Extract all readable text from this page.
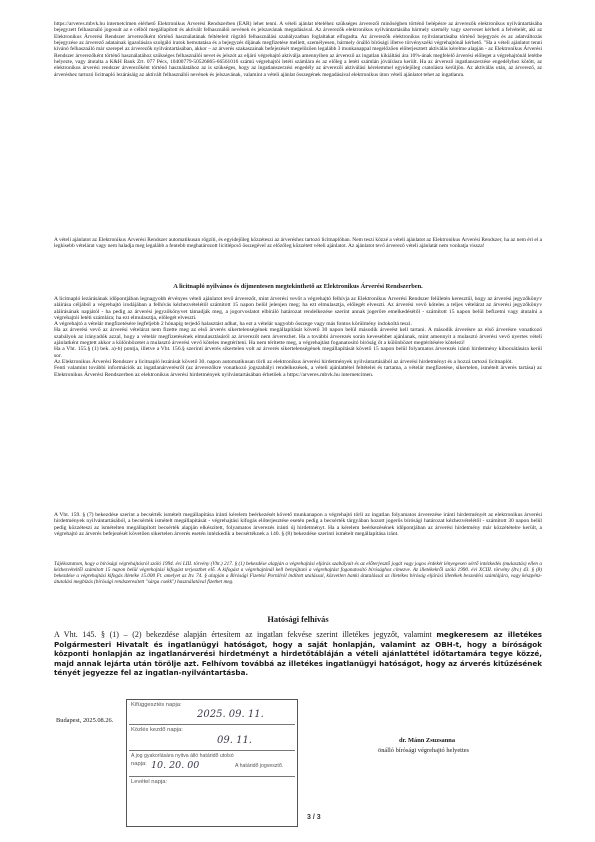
https://arveres.mbvk.hu internetcímen elérhető Elektronikus Árverési Rendszerben (EÁR) lehet tenni. A vételi ajánlat tételéhez szükséges árverezői minőségben történő belépésre az árverezők elektronikus nyilvántartásába bejegyzett felhasználó jogosult az e célból megállapított és aktivált felhasználói nevének és jelszavának megadásával. Az árverezők elektronikus nyilvántartásába bármely személy vagy szervezet kérheti a felvételét, aki az Elektronikus Árverési Rendszer árverezőként történő használatának feltételeit rögzítő felhasználási szabályzatban foglaltakat elfogadta. Az árverezők elektronikus nyilvántartásába történő bejegyzés és az adatváltozás bejegyzése az árverező adatainak igazolására szolgáló iratok bemutatása és a bejegyzés díjának megfizetése mellett, személyesen, bármely önálló bírósági illetve törvényszéki végrehajtónál kérhető. "Ha a vételi ajánlatot tenni kívánó felhasználó már szerepel az árverezők nyilvántartásában, akkor – az árverés szakaszainak befejezését megelőzően legalább 3 munkanappal megelőzően előterjesztett aktiválás kérelme alapján - az Elektronikus Árverési Rendszer árverezőként történő használatához szükséges felhasználói nevet és jelszót az eljáró végrehajtó aktiválja amennyiben az árverező az ingatlan kikiáltási ára 10%-ának megfelelő árverési előleget a végrehajtónál letétbe helyezte, vagy átutalta a K&H Bank Zrt. 077 Pécs, 10400779-50526865-66561016 számú végrehajtói letéti számlára és az előleg a letéti számlán jóváírásra került. Ha az árverező ingatlanszerzése engedélyhez kötött, az elektronikus árverési rendszer árverezőként történő használatához az is szükséges, hogy az ingatlanszerzési engedély az árverezői aktiválási kérelemmel egyidejűleg csatolásra kerüljön. Az aktiválás után, az árverező, az árveréshez tartozó licitnapló lezárásáig az aktivált felhasználói nevének és jelszavának, valamint a vételi ajánlat összegének megadásával elektronikus úton vételi ajánlatot tehet az ingatlanra.

A vételi ajánlatot az Elektronikus Árverési Rendszer automatikusan rögzíti, és egyidejűleg közzéteszi az árveréshez tartozó licitnaplóban. Nem teszi közzé a vételi ajánlatot az Elektronikus Árverési Rendszer, ha az nem éri el a legkisebb vételárat vagy nem haladja meg legalább a fentebb meghatározott licitlépcső összegével az előzőleg közzétett vételi ajánlatot. Az ajánlatot tevő árverező vételi ajánlatát nem vonhatja vissza!

A licitnapló nyilvános és díjmentesen megtekinthető az Elektronikus Árverési Rendszerben.

A licitnapló lezárásának időpontjában legnagyobb érvényes vételi ajánlatot tevő árverezőt, mint árverési vevőt a végrehajtó felhívja az Elektronikus Árverési Rendszer felületén keresztül, hogy az árverési jegyzőkönyv aláírása céljából a végrehajtó irodájában a felhívás kézhezvételétől számított 15 napon belül jelenjen meg; ha ezt elmulasztja, előlegét elveszti. Az árverési vevő köteles a teljes vételárat az árverési jegyzőkönyv aláírásának napjától - ha pedig az árverési jegyzőkönyvet támadják meg, a jogorvoslatot elbíráló határozat rendelkezése szerint annak jogerőre emelkedésétől - számított 15 napon belül befizetni vagy átutalni a végrehajtói letéti számlára; ha ezt elmulasztja, előlegét elveszti.

A végrehajtó a vételár megfizetésére legfeljebb 2 hónapig terjedő halasztást adhat, ha ezt a vételár nagyobb összege vagy más fontos körülmény indokoltá teszi.

Ha az árverési vevő az árverési vételárat nem fizette meg az első árverés sikertelenségének megállapítását követő 30 napon belül második árverést kell tartani. A második árverésre az első árverésre vonatkozó szabályok az irányadók azzal, hogy a vételár megfizetésének elmulasztásáról az árverezőt nem árverezhet. Ha a további árverezés során kevesebbet ajánlanak, mint amennyit a mulasztó árverési vevő nyertes vételi ajánlatként megtett akkor a különbözetet a mulasztó árverési vevő köteles megtéríteni. Ha nem térítette meg, a végrehajtást foganatosító bíróság őt a különbözet megtérítésére kötelezi!

Ha a Vht. 155.§ (1) bek. a)-b) pontja, illetve a Vht. 156.§ szerinti árverés sikertelen volt az árverés sikertelenségének megállapítását követő 15 napon belül folyamatos árverezés iránti hirdetmény kibocsátására kerül sor.

Az Elektronikus Árverési Rendszer a licitnapló lezárását követő 30. napon automatikusan törli az elektronikus árverési hirdetmények nyilvántartásából az árverési hirdetményt és a hozzá tartozó licitnaplót.

Fenti valamint további információk az ingatlanárverésről (az árverezőkre vonatkozó jogszabályi rendelkezések, a vételi ajánlattétel feltételei és tartama, a vételár megfizetése, sikertelen, ismételt árverés tartása) az Elektronikus Árverési Rendszerben az elektronikus árverési hirdetmények nyilvántartásában érhetőek a https://arveres.mbvk.hu internetcímen.

A Vht. 159. § (7) bekezdése szerint a becsérték ismételt megállapítása iránti kérelem beérkezését követő munkanapon a végrehajtó törli az ingatlan folyamatos árverezése iránti hirdetményét az elektronikus árverési hirdetmények nyilvántartásából, a becsérték ismételt megállapítását - végrehajtási kifogás előterjesztése esetén pedig a becsérték tárgyában hozott jogerős bírósági határozat kézhezvételétől - számított 30 napon belül pedig közzéteszi az ismételten megállapított becsérték alapján elkészített, folyamatos árverezés iránti új hirdetményt. Ha a kérelem beérkezésének időpontjában az árverési hirdetmény már közzétételre került, a végrehajtó az árverés befejezését követően sikertelen árverés esetén intézkedik a becsértéknek a 140. § (8) bekezdése szerinti ismételt megállapítása iránt.

Tájékoztatom, hogy a bírósági végrehajtásról szóló 1994. évi LIII. törvény (Vht.) 217. § (1) bekezdése alapján a végrehajtási eljárás szabályait és az előterjesztő jogát vagy jogos érdekét lényegesen sértő intézkedés (mulasztás) ellen a kézhezvételtől számított 15 napon belül végrehajtási kifogást terjeszthet elő. A kifogást a végrehajtónál kell benyújtani a végrehajtást foganatosító bírósághoz címezve. Az illetékekről szóló 1990. évi XCIII. törvény (Itv.) 43. § (8) bekezdése a végrehajtási kifogás illetéke 15.000 Ft. amelyet az Itv. 74. § alapján a Bírósági Fizetési Portálról indított utalással, közvetlen banki átutalással az illetékes bíróság eljárási illetékek beszedési számlájára, vagy készpénz-átutalási megbízás (bírósági rendszeresített "sárga csekk") használatával fizethet meg.

Hatósági felhívás

A Vht. 145. § (1) – (2) bekezdése alapján értesítem az ingatlan fekvése szerint illetékes jegyzőt, valamint megkeresem az illetékes Polgármesteri Hivatalt és ingatlanügyi hatóságot, hogy a saját honlapján, valamint az OBH-t, hogy a bíróságok központi honlapján az ingatlanárverési hirdetményt a hirdetőtábláján a vételi ajánlattétel időtartamára tegye közzé, majd annak lejárta után törölje azt. Felhívom továbbá az illetékes ingatlanügyi hatóságot, hogy az árverés kitűzésének tényét jegyezze fel az ingatlan-nyilvántartásba.

Budapest, 2025.08.26.
dr. Mánn Zsuzsanna
önálló bírósági végrehajtó helyettes
Kifüggesztés napja:
2025. 09. 11.
Közlés kezdő napja:
09. 11.
A jog gyakorlására nyitva álló határidő utolsó
napja: 10. 20. 00	A határidő jogvesztő.
Levétel napja:
3 / 3
